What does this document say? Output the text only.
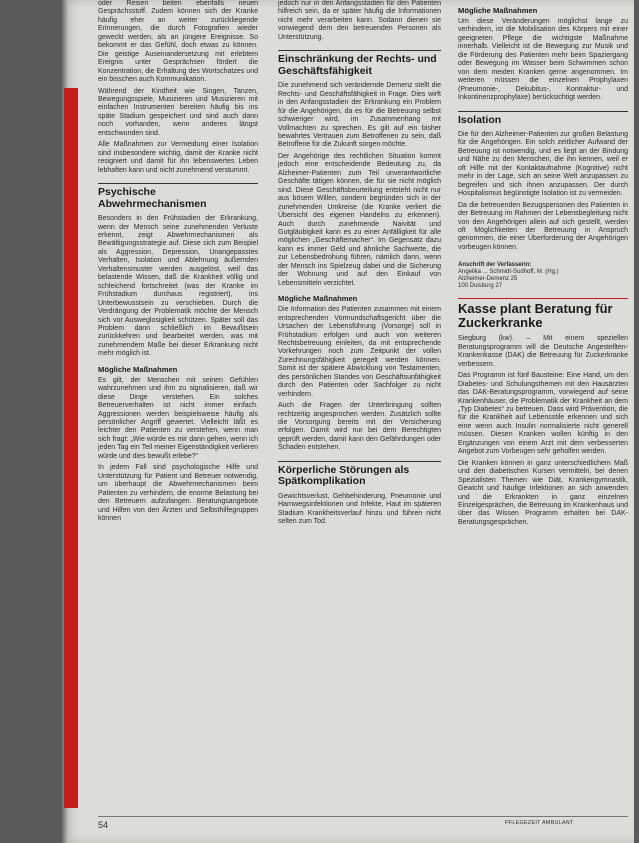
oder Reisen beiten ebenfalls neuen Gesprächsstoff. Zudem können sich der Kranke häufig eher an weiter zurückliegende Erinnerungen, die durch Fotografien wieder geweckt werden, als an jüngere Ereignisse. So bekommt er das Gefühl, doch etwas zu können. Die geistige Auseinandersetzung mit erlebtem Ereignis unter Gesprächsen fördert die Konzentration, die Erhaltung des Wortschatzes und ein bisschen auch Kommunikation.

Während der Kindheit wie Singen, Tanzen, Bewegungsspiele, Musizieren und Musizieren mit einfachen Instrumenten bereiten häufig bis ins späte Stadium gespeichert und sind auch dann noch vorhanden, wenn anderes längst entschwunden sind.

Alle Maßnahmen zur Vermeidung einer Isolation sind insbesondere wichtig, damit der Kranke nicht resigniert und damit für ihn lebenswertes Leben lebhaften kann und nicht zunehmend verstummt.

Psychische Abwehrmechanismen

Besonders in den Frühstadien der Erkrankung, wenn der Mensch seine zunehmenden Verluste erkennt, zeigt Abwehrmechanismen als Bewältigungsstrategie auf. Diese sich zum Beispiel als Aggression, Depression, Unangepasstes Verhalten, Isolation und Ablehnung äußernden Verhaltensmuster werden ausgelöst, weil das belastende Wissen, daß die Krankheit völlig und schleichend fortschreitet (was der Kranke im Frühstadium durchaus registriert), ins Unterbewusstsein zu verschieben. Durch die Verdrängung der Problematik möchte der Mensch sich vor Ausweglosigkeit schützen. Später soll das Problem dann schließlich im Bewußtsein zurückkehren und bearbeitet werden, was mit zunehmendem Maße bei dieser Erkrankung nicht mehr möglich ist.

Mögliche Maßnahmen

Es gilt, der Menschen mit seinen Gefühlen wahrzunehmen und ihm zu signalisieren, daß wir diese Dinge verstehen. Ein solches Betreuerverhalten ist nicht immer einfach. Aggressionen werden beispielsweise häufig als persönlicher Angriff gewertet. Vielleicht läßt es leichter den Patienten zu verstehen, wenn man sich fragt: „Wie würde es mir dann gehen, wenn ich jeden Tag ein Teil meiner Eigenständigkeit verlieren würde und dies bewußt erlebe?“

In jedem Fall sind psychologische Hilfe und Unterstützung für Patient und Betreuer notwendig, um überhaupt die Abwehrmechanismen beim Patienten zu verhindern, die enorme Belastung bei den Betreuern aufzufangen. Beratungsangebote und Hilfen von den Ärzten und Selbsthilfegruppen können

jedoch nur in den Anfangsstadien für den Patienten hilfreich sein, da er später häufig die Informationen nicht mehr verarbeiten kann. Sodann dienen sie vorwiegend dem den betreuenden Personen als Unterstützung.

Einschränkung der Rechts- und Geschäftsfähigkeit

Die zunehmend sich verändernde Demenz stellt die Rechts- und Geschäftsfähigkeit in Frage. Dies wirft in den Anfangsstadien der Erkrankung ein Problem für die Angehörigen, da es für die Betreuung selbst schwieriger wird, im Zusammenhang mit Vollmachten zu sprechen. Es gilt auf ein bisher bewahrtes Vertrauen zum Betroffenen zu sein, daß Betroffene für die Zukunft sorgen möchte.

Der Angehörige des rechtlichen Situation kommt jedoch eine entscheidende Bedeutung zu, da Alzheimer-Patienten zum Teil unverantwortliche Geschäfte tätigen können, die für sie nicht möglich sind. Diese Geschäftsbeurteilung entsteht nicht nur aus bösem Willen, sondern begründen sich in der zunehmenden Umkreise (die Kranke verliert die Übersicht des eigenen Handelns zu erkennen). Auch durch zunehmende Naivität und Gutgläubigkeit kann es zu einer Anfälligkeit für alle möglichen „Geschäftemacher“. Im Gegensatz dazu kann es immer Geld und ähnliche Sachwerte, die zur Lebensbedrohung führen, nämlich dann, wenn der Mensch ins Spielzeug dabei und die Sicherung der Wohnung und auf den Einkauf von Lebensmitteln verzichtet.

Mögliche Maßnahmen

Die Information des Patienten zusammen mit einem entsprechenden Vormundschaftsgericht über die Ursachen der Lebensführung (Vorsorge) soll in Frühstadium erfolgen und auch von weiteren Rechtsbetreuung einleiten, da mit entsprechende Vorkehrungen noch zum Zeitpunkt der vollen Zurechnungsfähigkeit geregelt werden können. Somit ist der spätere Abwicklung von Testamenten, des persönlichen Standes von Geschäftsunfähigkeit durch den Patienten oder Sachfolger zu nicht verhindern.

Auch die Fragen der Unterbringung sollten rechtzeitig angesprochen werden. Zusätzlich sollte die Vorsorgung bereits mit der Versicherung erfolgen. Damit wird nur bei dem Berechtigten geprüft werden, damit kann den Gefährdungen oder Schaden entstehen.

Körperliche Störungen als Spätkomplikation

Gewichtsverlust, Gehbehinderung, Pneumonie und Harnwegsinfektionen und Infekte, Haut im späteren Stadium Krankheitsverlauf hinzu und führen nicht selten zum Tod.

Mögliche Maßnahmen

Um diese Veränderungen möglichst lange zu verhindern, ist die Mobilisation des Körpers mit einer geeigneten Pflege die wichtigste Maßnahme innerhalb. Vielleicht ist die Bewegung zur Musik und die Förderung des Patienten mehr beim Spaziergang oder Bewegung im Wasser beim Schwimmen schon von dem meiden Kranken gerne angenommen. Im weiteren müssen die einzelnen Prophylaxen (Pneumonie-, Dekubitus-, Kontraktur- und Inkontinenzprophylaxe) berücksichtigt werden.

Isolation

Die für den Alzheimer-Patienten zur großen Belastung für die Angehörigen. Ein solch zeitlicher Aufwand der Betreuung ist notwendig, und es liegt an der Bindung und Nähe zu den Menschen, die ihn kennen, weil er oft Hilfe mit der Kontaktaufnahme (Kognitive) nicht mehr in der Lage, sich an seine Welt anzupassen zu begreifen und sich ihnen anzupassen. Der durch Hospitalismus begünstigte Isolation ist zu vermeiden.

Da die betreuenden Bezugspersonen des Patienten in der Betreuung im Rahmen der Lebensbegleitung nicht von den Angehörigen allein auf sich gestellt, werden oft Möglichkeiten der Betreuung in Anspruch genommen, die einer Überforderung der Angehörigen vorbeugen können.

Anschrift der Verfasserin:
Angelika ... Schmidt-Sudhoff, M. (Hg.)
Alzheimer-Demenz 25
100 Duisburg 27
Kasse plant Beratung für Zuckerkranke

Siegburg (kw). – Mit einem speziellen Beratungsprogramm will die Deutsche Angestellten-Krankenkasse (DAK) die Betreuung für Zuckerkranke verbessern.

Das Programm ist fünf Bausteine: Eine Hand, um den Diabetes- und Schulungsthemen mit den Hausärzten das DAK-Beratungsprogramm, vorwiegend auf seine Krankenhäuser, die Problematik der Krankheit an dem „Typ Diabetes“ zu betreuen. Dass wird Prävention, die für die Krankheit auf Lebensstile erkennen und sich eine wenn auch Insulin normalisierte nicht generell müssen. Diesen Kranken wollen künftig in den Ergänzungen von einem Arzt mit dem verbesserten Angebot zum Vorbeugen sehr geholfen werden.

Die Kranken können in ganz unterschiedlichem Maß und den diabetischen Kursen vermitteln, bei denen Spezialisten Themen wie Diät, Krankengymnastik, Gewicht und häufige Infektionen an sich anwenden und die Erkrankten in ganz einzelnen Einzelgesprächen, die Betreuung im Krankenhaus und über das Wissen Programm erhalten bei DAK-Beratungsgesprächen.

54	PFLEGEZEIT AMBULANT
